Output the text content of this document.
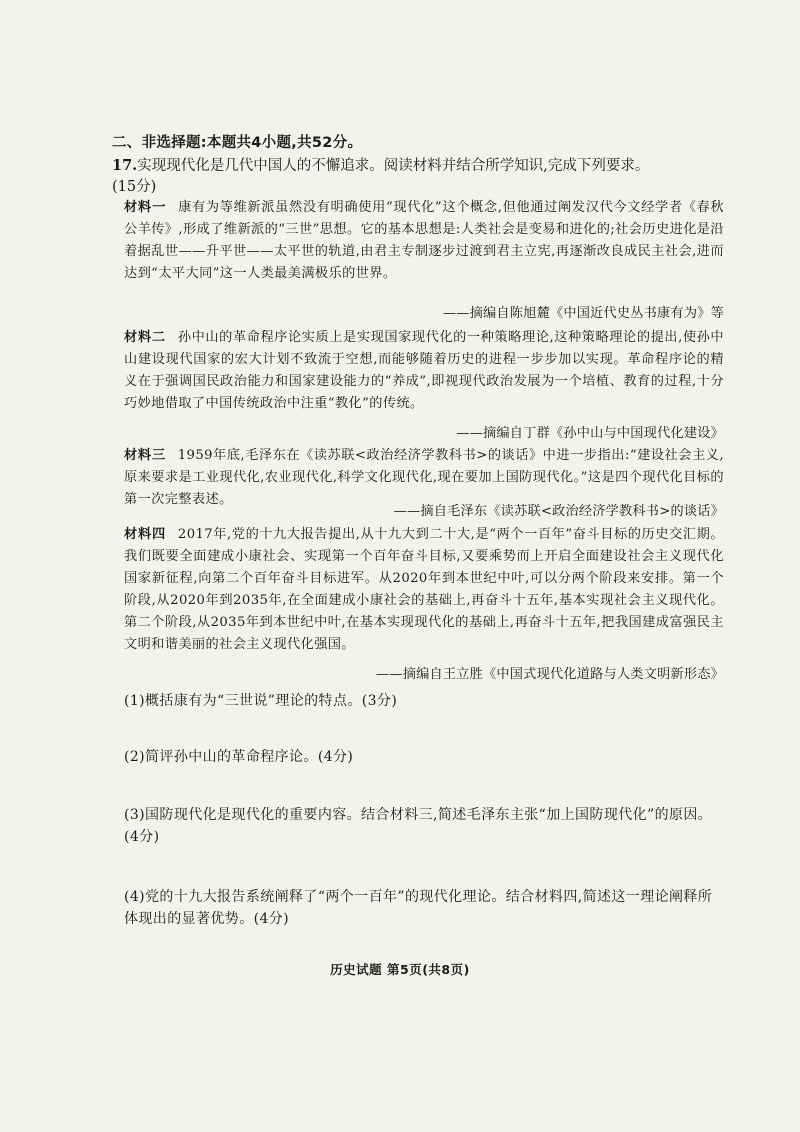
二、非选择题:本题共4小题,共52分。
17.实现现代化是几代中国人的不懈追求。阅读材料并结合所学知识,完成下列要求。
(15分)
材料一 康有为等维新派虽然没有明确使用“现代化”这个概念,但他通过阐发汉代今文经学者《春秋公羊传》,形成了维新派的“三世”思想。它的基本思想是:人类社会是变易和进化的;社会历史进化是沿着据乱世——升平世——太平世的轨道,由君主专制逐步过渡到君主立宪,再逐渐改良成民主社会,进而达到“太平大同”这一人类最美满极乐的世界。
——摘编自陈旭麓《中国近代史丛书康有为》等
材料二 孙中山的革命程序论实质上是实现国家现代化的一种策略理论,这种策略理论的提出,使孙中山建设现代国家的宏大计划不致流于空想,而能够随着历史的进程一步步加以实现。革命程序论的精义在于强调国民政治能力和国家建设能力的“养成”,即视现代政治发展为一个培植、教育的过程,十分巧妙地借取了中国传统政治中注重“教化”的传统。
——摘编自丁群《孙中山与中国现代化建设》
材料三 1959年底,毛泽东在《读苏联<政治经济学教科书>的谈话》中进一步指出:“建设社会主义,原来要求是工业现代化,农业现代化,科学文化现代化,现在要加上国防现代化。”这是四个现代化目标的第一次完整表述。
——摘自毛泽东《读苏联<政治经济学教科书>的谈话》
材料四 2017年,党的十九大报告提出,从十九大到二十大,是“两个一百年”奋斗目标的历史交汇期。我们既要全面建成小康社会、实现第一个百年奋斗目标,又要乘势而上开启全面建设社会主义现代化国家新征程,向第二个百年奋斗目标进军。从2020年到本世纪中叶,可以分两个阶段来安排。第一个阶段,从2020年到2035年,在全面建成小康社会的基础上,再奋斗十五年,基本实现社会主义现代化。第二个阶段,从2035年到本世纪中叶,在基本实现现代化的基础上,再奋斗十五年,把我国建成富强民主文明和谐美丽的社会主义现代化强国。
——摘编自王立胜《中国式现代化道路与人类文明新形态》
(1)概括康有为“三世说”理论的特点。(3分)
(2)简评孙中山的革命程序论。(4分)
(3)国防现代化是现代化的重要内容。结合材料三,简述毛泽东主张“加上国防现代化”的原因。(4分)
(4)党的十九大报告系统阐释了“两个一百年”的现代化理论。结合材料四,简述这一理论阐释所体现出的显著优势。(4分)
历史试题 第5页(共8页)
